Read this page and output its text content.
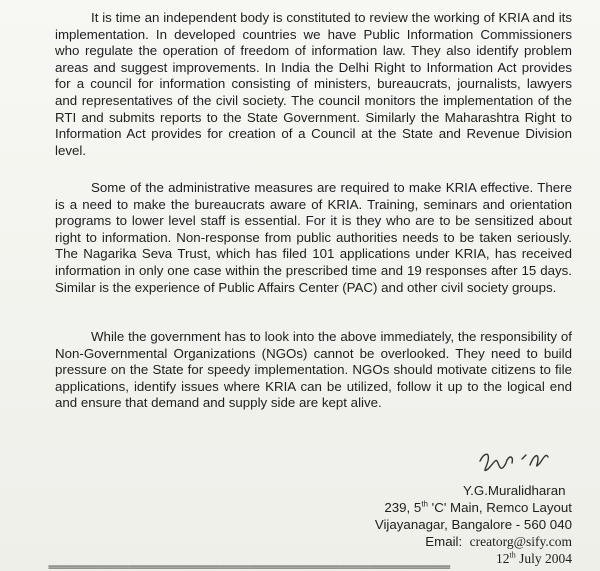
It is time an independent body is constituted to review the working of KRIA and its implementation. In developed countries we have Public Information Commissioners who regulate the operation of freedom of information law. They also identify problem areas and suggest improvements. In India the Delhi Right to Information Act provides for a council for information consisting of ministers, bureaucrats, journalists, lawyers and representatives of the civil society. The council monitors the implementation of the RTI and submits reports to the State Government. Similarly the Maharashtra Right to Information Act provides for creation of a Council at the State and Revenue Division level.

Some of the administrative measures are required to make KRIA effective. There is a need to make the bureaucrats aware of KRIA. Training, seminars and orientation programs to lower level staff is essential. For it is they who are to be sensitized about right to information. Non-response from public authorities needs to be taken seriously. The Nagarika Seva Trust, which has filed 101 applications under KRIA, has received information in only one case within the prescribed time and 19 responses after 15 days. Similar is the experience of Public Affairs Center (PAC) and other civil society groups.

While the government has to look into the above immediately, the responsibility of Non-Governmental Organizations (NGOs) cannot be overlooked. They need to build pressure on the State for speedy implementation. NGOs should motivate citizens to file applications, identify issues where KRIA can be utilized, follow it up to the logical end and ensure that demand and supply side are kept alive.

Y.G.Muralidharan
239, 5th 'C' Main, Remco Layout
Vijayanagar, Bangalore - 560 040
Email: creatorg@sify.com
12th July 2004
================================================================================
